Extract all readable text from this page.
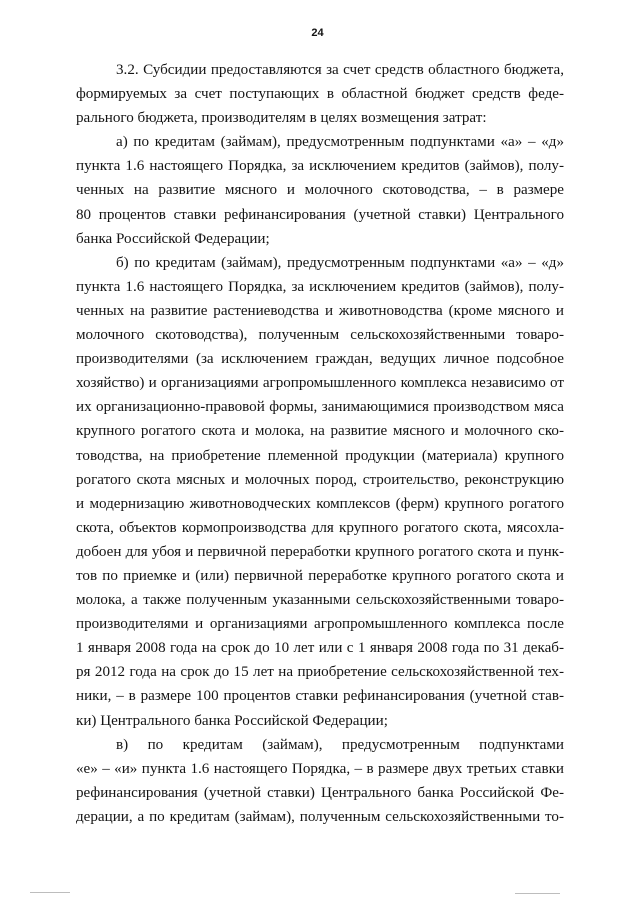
24
3.2. Субсидии предоставляются за счет средств областного бюджета,
формируемых за счет поступающих в областной бюджет средств феде-
рального бюджета, производителям в целях возмещения затрат:
а) по кредитам (займам), предусмотренным подпунктами «а» – «д»
пункта 1.6 настоящего Порядка, за исключением кредитов (займов), полу-
ченных на развитие мясного и молочного скотоводства, – в размере
80 процентов ставки рефинансирования (учетной ставки) Центрального
банка Российской Федерации;
б) по кредитам (займам), предусмотренным подпунктами «а» – «д»
пункта 1.6 настоящего Порядка, за исключением кредитов (займов), полу-
ченных на развитие растениеводства и животноводства (кроме мясного и
молочного скотоводства), полученным сельскохозяйственными товаро-
производителями (за исключением граждан, ведущих личное подсобное
хозяйство) и организациями агропромышленного комплекса независимо от
их организационно-правовой формы, занимающимися производством мяса
крупного рогатого скота и молока, на развитие мясного и молочного ско-
товодства, на приобретение племенной продукции (материала) крупного
рогатого скота мясных и молочных пород, строительство, реконструкцию
и модернизацию животноводческих комплексов (ферм) крупного рогатого
скота, объектов кормопроизводства для крупного рогатого скота, мясохла-
добоен для убоя и первичной переработки крупного рогатого скота и пунк-
тов по приемке и (или) первичной переработке крупного рогатого скота и
молока, а также полученным указанными сельскохозяйственными товаро-
производителями и организациями агропромышленного комплекса после
1 января 2008 года на срок до 10 лет или с 1 января 2008 года по 31 декаб-
ря 2012 года на срок до 15 лет на приобретение сельскохозяйственной тех-
ники, – в размере 100 процентов ставки рефинансирования (учетной став-
ки) Центрального банка Российской Федерации;
в) по кредитам (займам), предусмотренным подпунктами
«е» – «и» пункта 1.6 настоящего Порядка, – в размере двух третьих ставки
рефинансирования (учетной ставки) Центрального банка Российской Фе-
дерации, а по кредитам (займам), полученным сельскохозяйственными то-
